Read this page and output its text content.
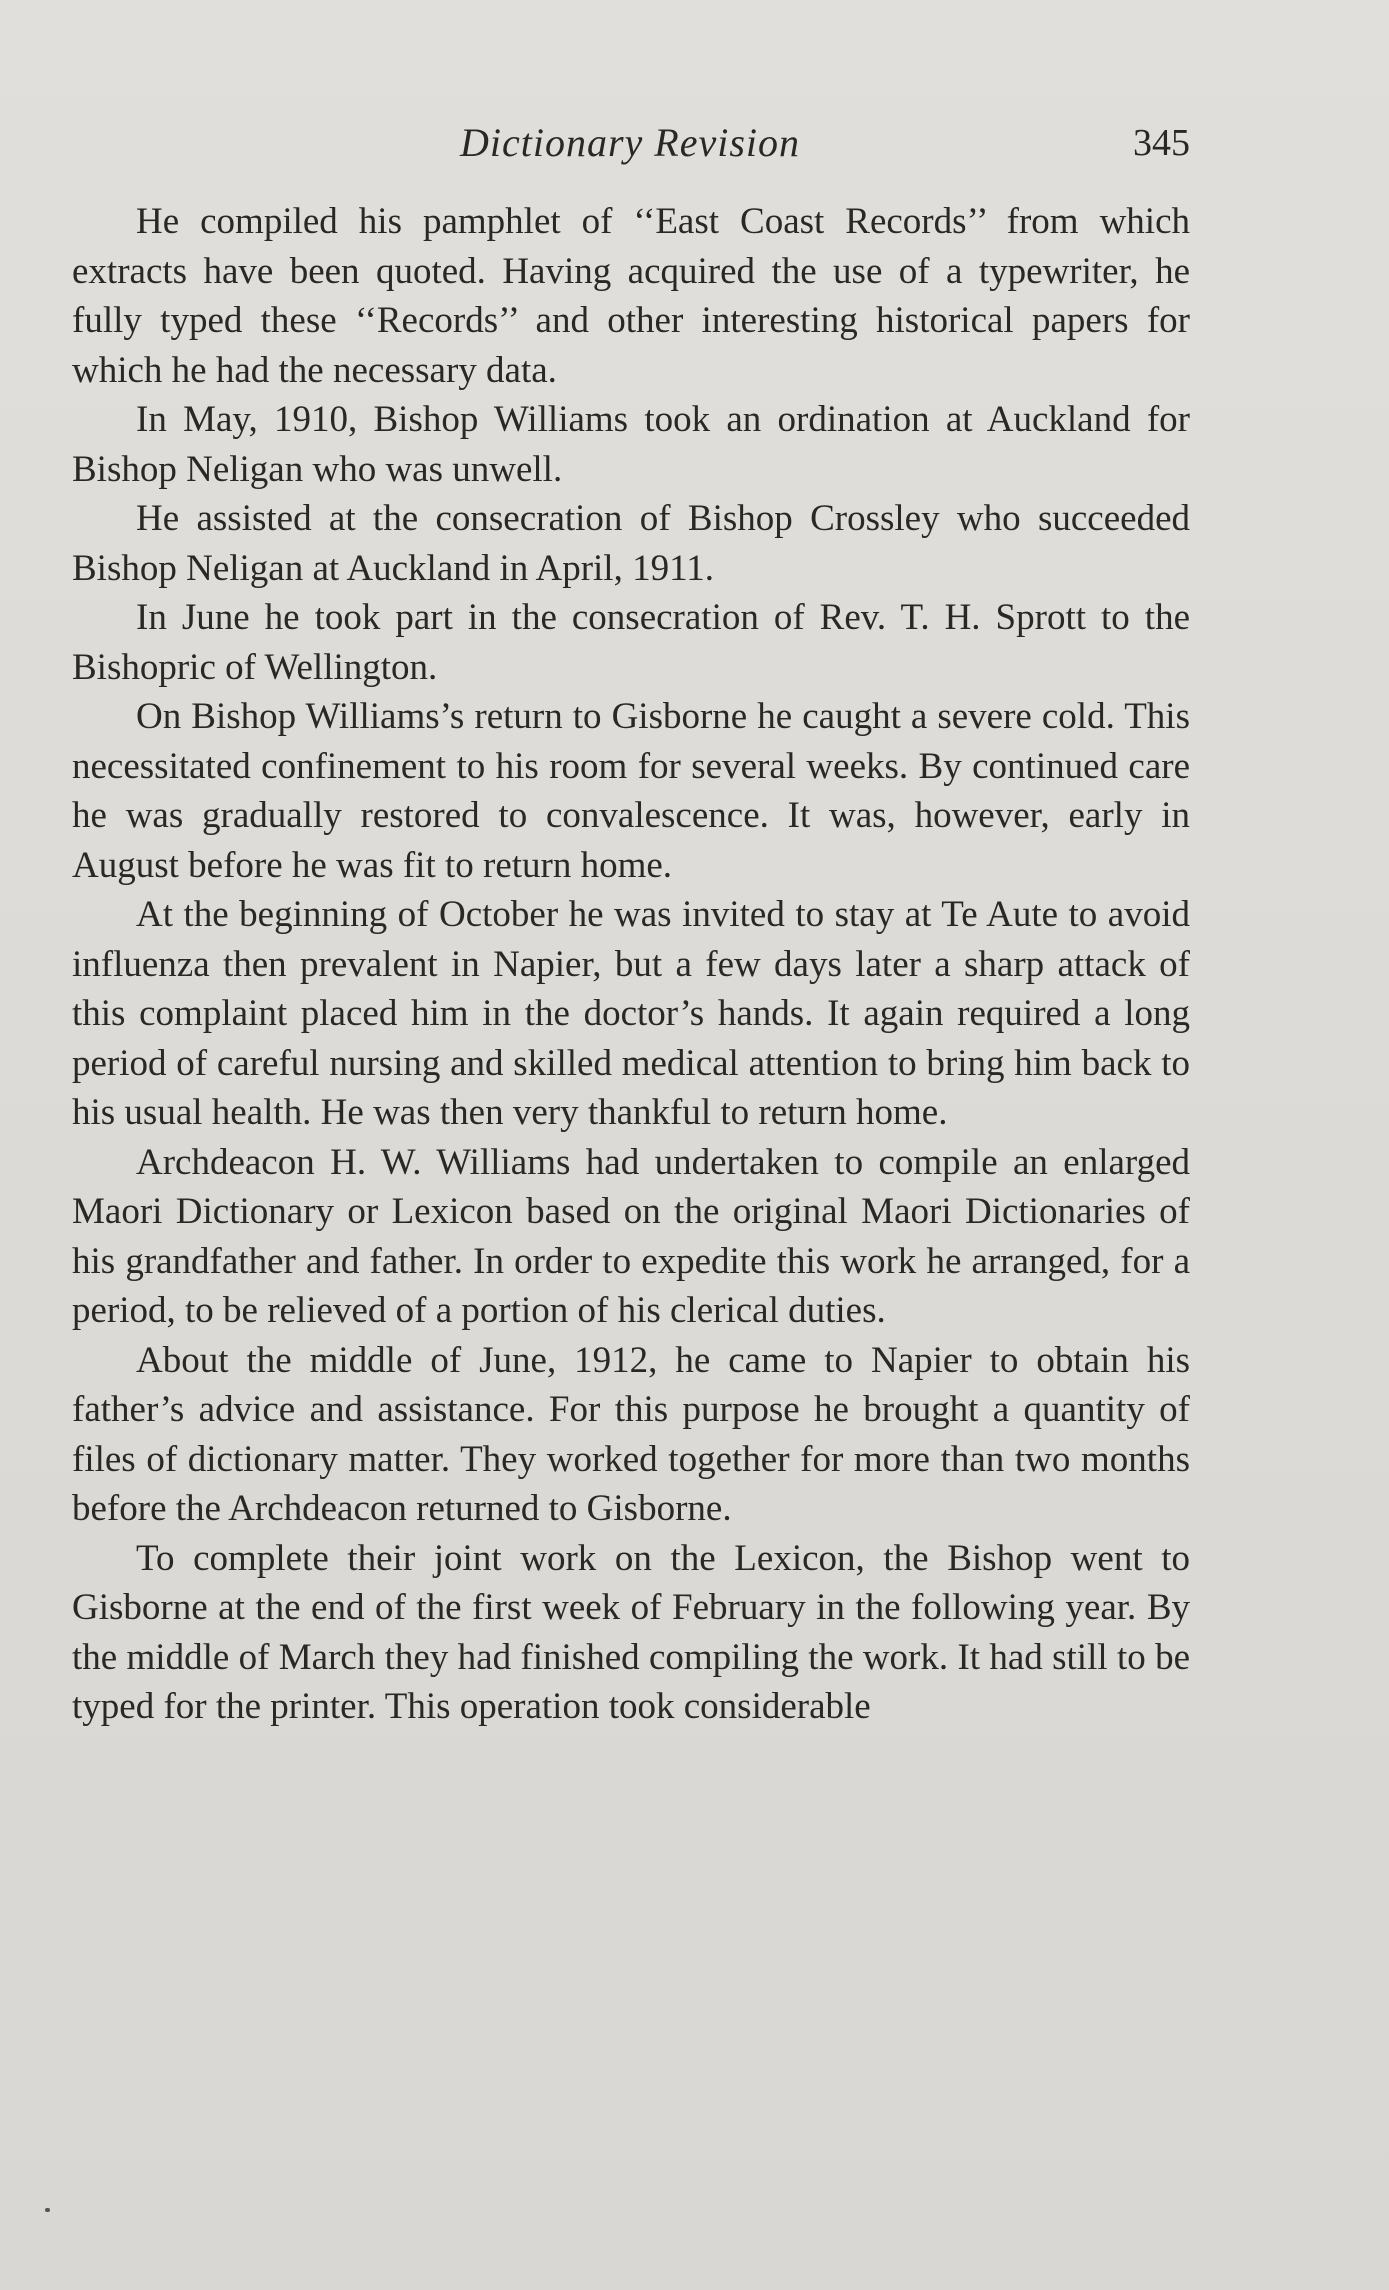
Dictionary Revision	345

He compiled his pamphlet of ‘‘East Coast Records’’ from which extracts have been quoted. Having acquired the use of a typewriter, he fully typed these ‘‘Records’’ and other interesting historical papers for which he had the necessary data.

In May, 1910, Bishop Williams took an ordination at Auckland for Bishop Neligan who was unwell.

He assisted at the consecration of Bishop Crossley who succeeded Bishop Neligan at Auckland in April, 1911.

In June he took part in the consecration of Rev. T. H. Sprott to the Bishopric of Wellington.

On Bishop Williams’s return to Gisborne he caught a severe cold. This necessitated confinement to his room for several weeks. By continued care he was gradually restored to convalescence. It was, however, early in August before he was fit to return home.

At the beginning of October he was invited to stay at Te Aute to avoid influenza then prevalent in Napier, but a few days later a sharp attack of this complaint placed him in the doctor’s hands. It again required a long period of careful nursing and skilled medical attention to bring him back to his usual health. He was then very thankful to return home.

Archdeacon H. W. Williams had undertaken to compile an enlarged Maori Dictionary or Lexicon based on the original Maori Dictionaries of his grandfather and father. In order to expedite this work he arranged, for a period, to be relieved of a portion of his clerical duties.

About the middle of June, 1912, he came to Napier to obtain his father’s advice and assistance. For this purpose he brought a quantity of files of dictionary matter. They worked together for more than two months before the Archdeacon returned to Gisborne.

To complete their joint work on the Lexicon, the Bishop went to Gisborne at the end of the first week of February in the following year. By the middle of March they had finished compiling the work. It had still to be typed for the printer. This operation took considerable
